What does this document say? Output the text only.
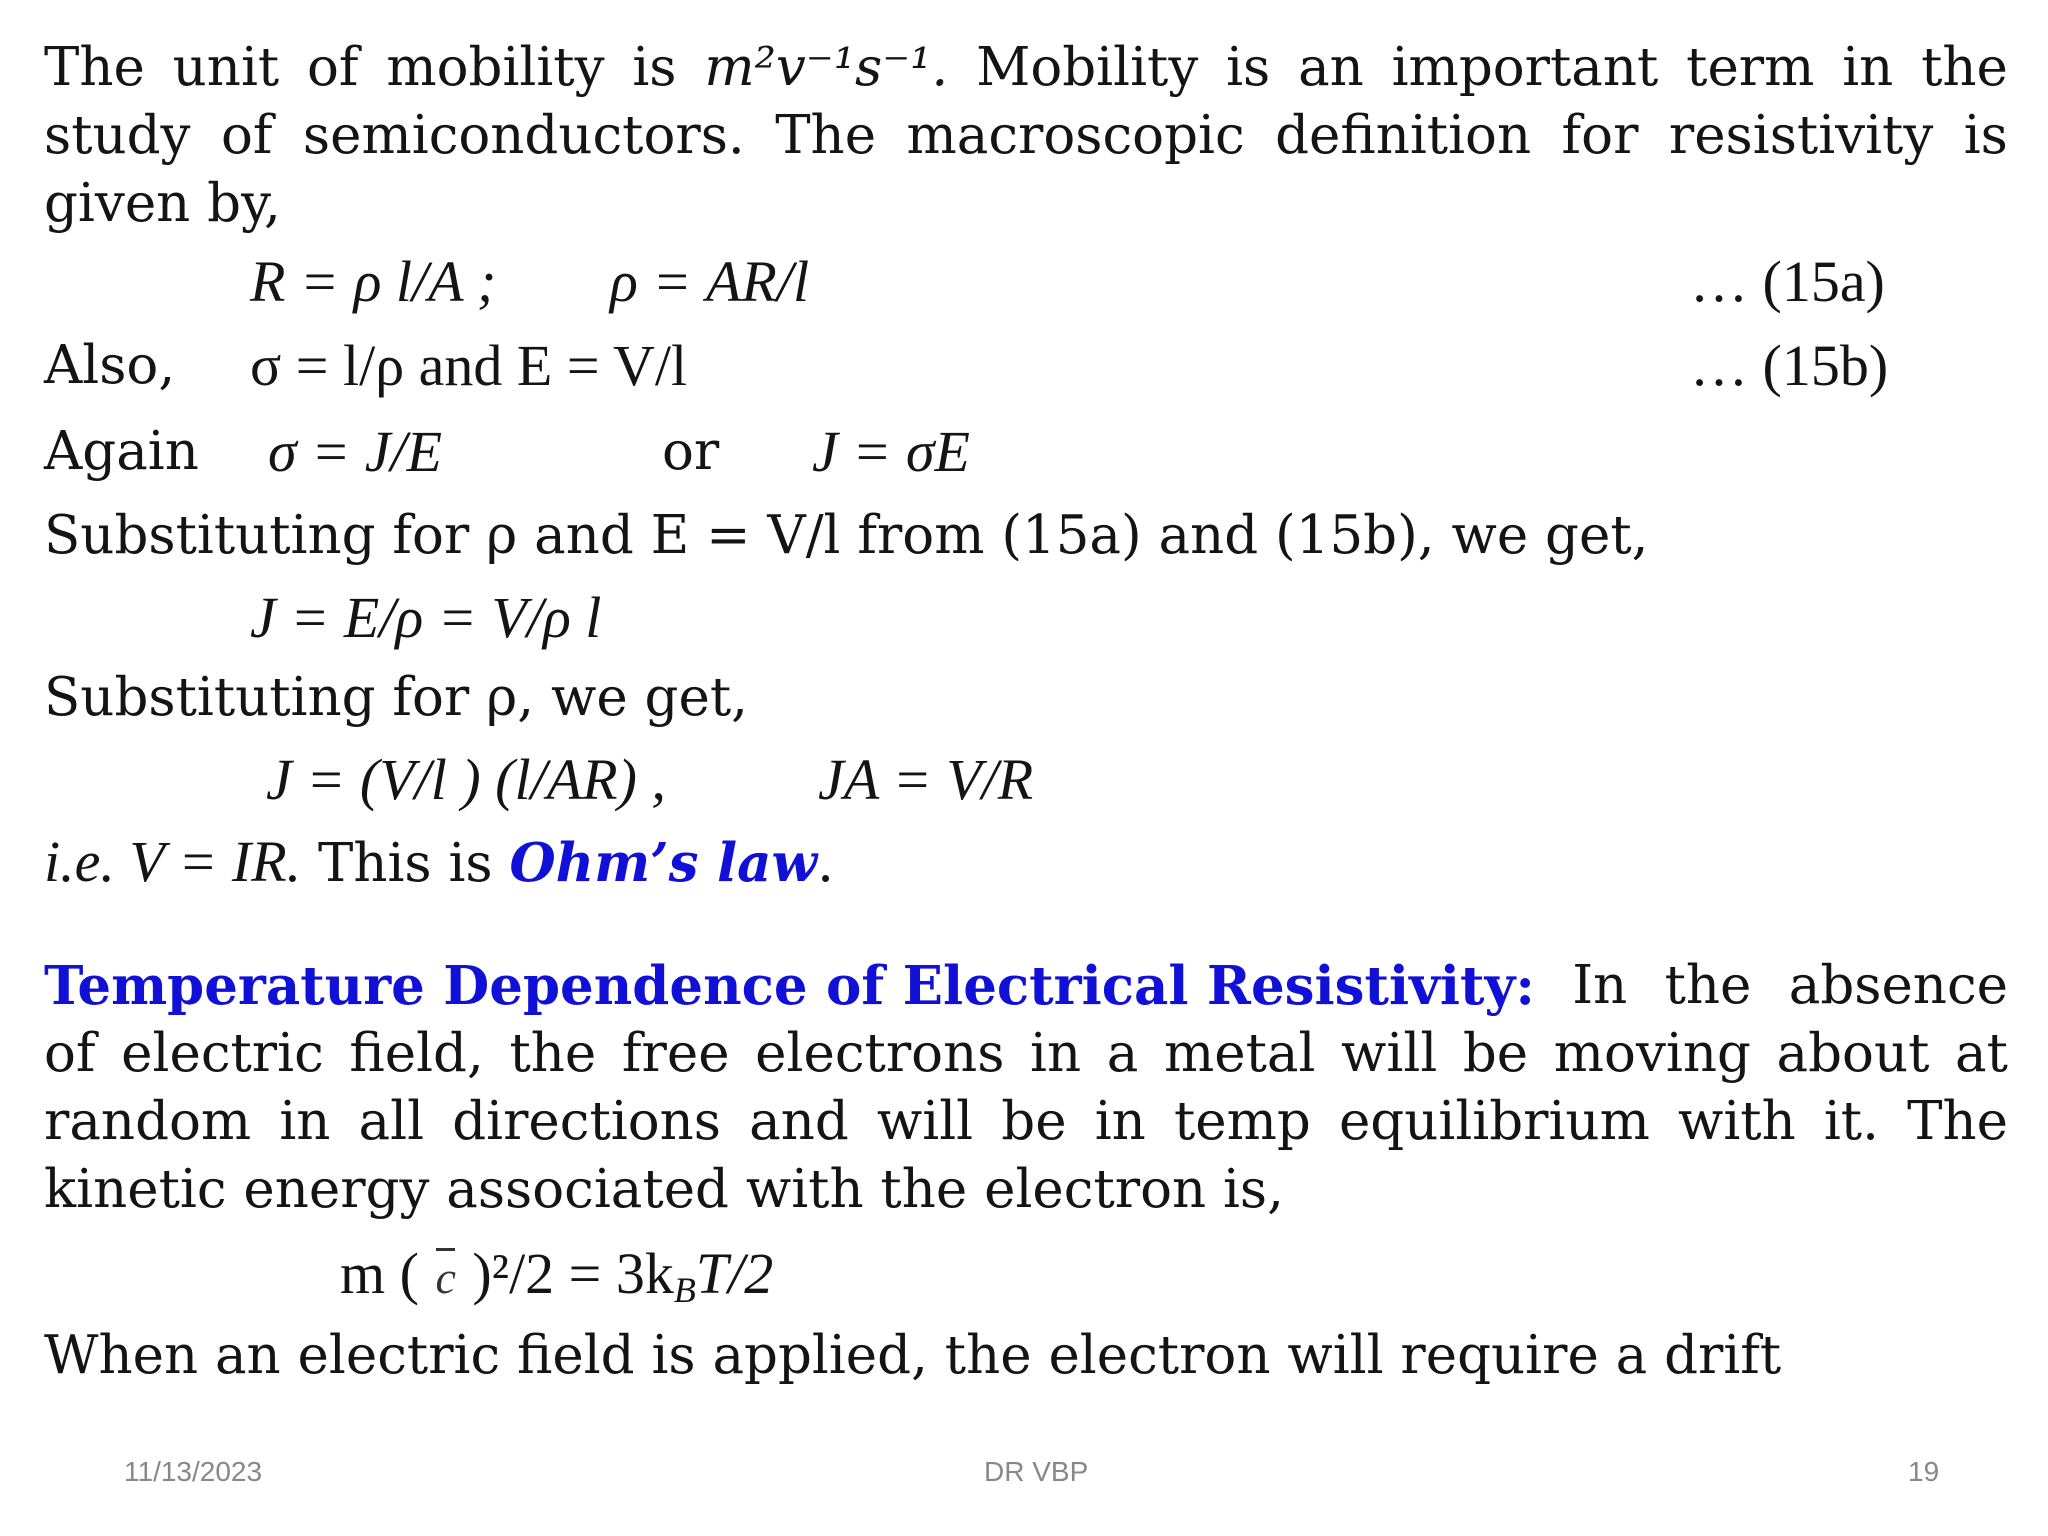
The unit of mobility is m²v⁻¹s⁻¹. Mobility is an important term in the
study of semiconductors. The macroscopic definition for resistivity is
given by,
R = ρ l/A ; ρ = AR/l	… (15a)
Also, σ = l/ρ and E = V/l	… (15b)
Again σ = J/E	or J = σE
Substituting for ρ and E = V/l from (15a) and (15b), we get,
J = E/ρ = V/ρ l
Substituting for ρ, we get,
J = (V/l ) (l/AR) ,	JA = V/R
i.e. V = IR. This is Ohm’s law.
Temperature Dependence of Electrical Resistivity: In the absence
of electric field, the free electrons in a metal will be moving about at
random in all directions and will be in temp equilibrium with it. The
kinetic energy associated with the electron is,
m ( c )$^2/2 = 3k_BT/2$
When an electric field is applied, the electron will require a drift
11/13/2023	DR VBP	19
